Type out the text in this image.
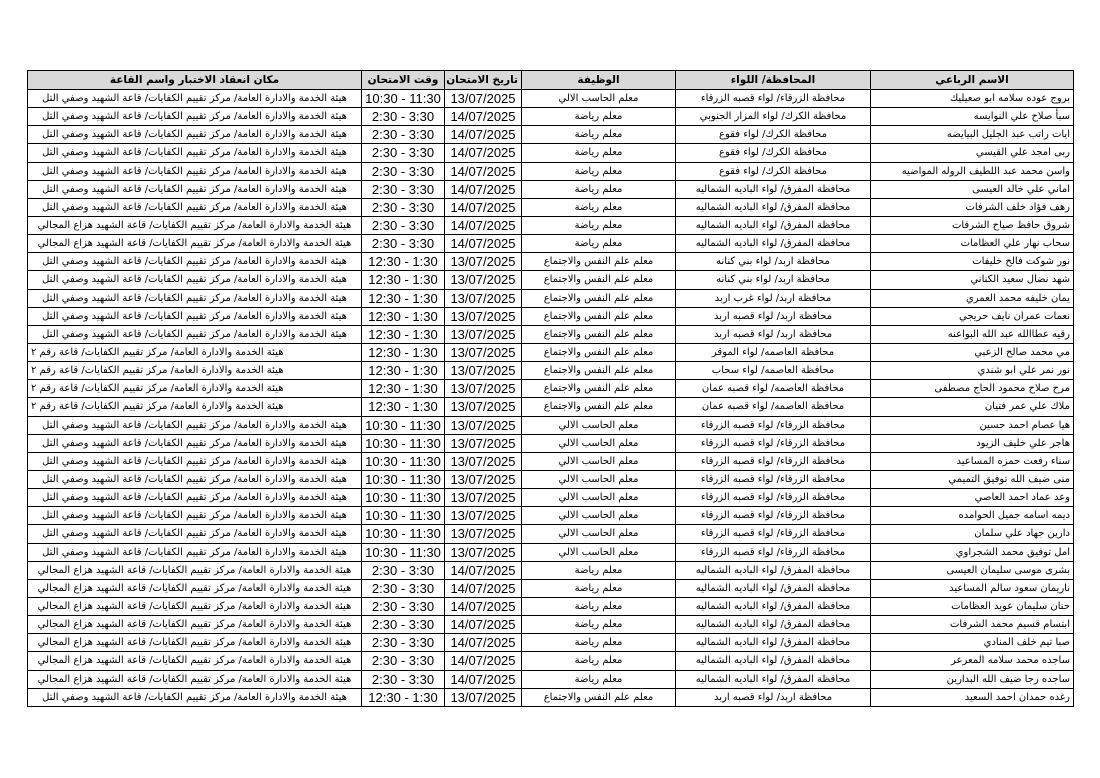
الاسم الرباعي	المحافظة/ اللواء	الوظيفة	تاريخ الامتحان	وقت الامتحان	مكان انعقاد الاختبار واسم القاعة
بروج عوده سلامه ابو صعيليك	محافظة الزرقاء/ لواء قصبه الزرقاء	معلم الحاسب الالي	13/07/2025	10:30 - 11:30	هيئة الخدمة والادارة العامة/ مركز تقييم الكفايات/ قاعة الشهيد وصفي التل
سبأ صلاح علي النوايسه	محافظة الكرك/ لواء المزار الجنوبي	معلم رياضة	14/07/2025	2:30 - 3:30	هيئة الخدمة والادارة العامة/ مركز تقييم الكفايات/ قاعة الشهيد وصفي التل
ايات راتب عبد الجليل البيايضه	محافظة الكرك/ لواء فقوع	معلم رياضة	14/07/2025	2:30 - 3:30	هيئة الخدمة والادارة العامة/ مركز تقييم الكفايات/ قاعة الشهيد وصفي التل
ربى امجد علي القيسي	محافظة الكرك/ لواء فقوع	معلم رياضة	14/07/2025	2:30 - 3:30	هيئة الخدمة والادارة العامة/ مركز تقييم الكفايات/ قاعة الشهيد وصفي التل
واسن محمد عبد اللطيف الروله المواضيه	محافظة الكرك/ لواء فقوع	معلم رياضة	14/07/2025	2:30 - 3:30	هيئة الخدمة والادارة العامة/ مركز تقييم الكفايات/ قاعة الشهيد وصفي التل
اماني علي خالد العيسى	محافظة المفرق/ لواء الباديه الشماليه	معلم رياضة	14/07/2025	2:30 - 3:30	هيئة الخدمة والادارة العامة/ مركز تقييم الكفايات/ قاعة الشهيد وصفي التل
رهف فؤاد خلف الشرفات	محافظة المفرق/ لواء الباديه الشماليه	معلم رياضة	14/07/2025	2:30 - 3:30	هيئة الخدمة والادارة العامة/ مركز تقييم الكفايات/ قاعة الشهيد وصفي التل
شروق حافظ صياح الشرفات	محافظة المفرق/ لواء الباديه الشماليه	معلم رياضة	14/07/2025	2:30 - 3:30	هيئة الخدمة والادارة العامة/ مركز تقييم الكفايات/ قاعة الشهيد هزاع المجالي
سحاب نهار علي العظامات	محافظة المفرق/ لواء الباديه الشماليه	معلم رياضة	14/07/2025	2:30 - 3:30	هيئة الخدمة والادارة العامة/ مركز تقييم الكفايات/ قاعة الشهيد هزاع المجالي
نور شوكت فالح خليفات	محافظة اربد/ لواء بني كنانه	معلم علم النفس والاجتماع	13/07/2025	12:30 - 1:30	هيئة الخدمة والادارة العامة/ مركز تقييم الكفايات/ قاعة الشهيد وصفي التل
شهد نضال سعيد الكناني	محافظة اربد/ لواء بني كنانه	معلم علم النفس والاجتماع	13/07/2025	12:30 - 1:30	هيئة الخدمة والادارة العامة/ مركز تقييم الكفايات/ قاعة الشهيد وصفي التل
يمان خليفه محمد العمري	محافظة اربد/ لواء غرب اربد	معلم علم النفس والاجتماع	13/07/2025	12:30 - 1:30	هيئة الخدمة والادارة العامة/ مركز تقييم الكفايات/ قاعة الشهيد وصفي التل
نعمات عمران نايف حريجي	محافظة اربد/ لواء قصبه اربد	معلم علم النفس والاجتماع	13/07/2025	12:30 - 1:30	هيئة الخدمة والادارة العامة/ مركز تقييم الكفايات/ قاعة الشهيد وصفي التل
رقيه عطاالله عبد الله البواعنه	محافظة اربد/ لواء قصبه اربد	معلم علم النفس والاجتماع	13/07/2025	12:30 - 1:30	هيئة الخدمة والادارة العامة/ مركز تقييم الكفايات/ قاعة الشهيد وصفي التل
مي محمد صالح الزعبي	محافظة العاصمه/ لواء الموقر	معلم علم النفس والاجتماع	13/07/2025	12:30 - 1:30	هيئة الخدمة والادارة العامة/ مركز تقييم الكفايات/ قاعة رقم ٢
نور نمر علي ابو شندي	محافظة العاصمه/ لواء سحاب	معلم علم النفس والاجتماع	13/07/2025	12:30 - 1:30	هيئة الخدمة والادارة العامة/ مركز تقييم الكفايات/ قاعة رقم ٢
مرح صلاح محمود الحاج مصطفى	محافظة العاصمه/ لواء قصبه عمان	معلم علم النفس والاجتماع	13/07/2025	12:30 - 1:30	هيئة الخدمة والادارة العامة/ مركز تقييم الكفايات/ قاعة رقم ٢
ملاك علي عمر فتيان	محافظة العاصمه/ لواء قصبه عمان	معلم علم النفس والاجتماع	13/07/2025	12:30 - 1:30	هيئة الخدمة والادارة العامة/ مركز تقييم الكفايات/ قاعة رقم ٢
هيا عصام احمد حسين	محافظة الزرقاء/ لواء قصبه الزرقاء	معلم الحاسب الالي	13/07/2025	10:30 - 11:30	هيئة الخدمة والادارة العامة/ مركز تقييم الكفايات/ قاعة الشهيد وصفي التل
هاجر علي خليف الزيود	محافظة الزرقاء/ لواء قصبه الزرقاء	معلم الحاسب الالي	13/07/2025	10:30 - 11:30	هيئة الخدمة والادارة العامة/ مركز تقييم الكفايات/ قاعة الشهيد وصفي التل
سناء رفعت حمزه المساعيد	محافظة الزرقاء/ لواء قصبه الزرقاء	معلم الحاسب الالي	13/07/2025	10:30 - 11:30	هيئة الخدمة والادارة العامة/ مركز تقييم الكفايات/ قاعة الشهيد وصفي التل
منى ضيف الله توفيق التميمي	محافظة الزرقاء/ لواء قصبه الزرقاء	معلم الحاسب الالي	13/07/2025	10:30 - 11:30	هيئة الخدمة والادارة العامة/ مركز تقييم الكفايات/ قاعة الشهيد وصفي التل
وعد عماد احمد العاصي	محافظة الزرقاء/ لواء قصبه الزرقاء	معلم الحاسب الالي	13/07/2025	10:30 - 11:30	هيئة الخدمة والادارة العامة/ مركز تقييم الكفايات/ قاعة الشهيد وصفي التل
ديمه اسامه جميل الحوامده	محافظة الزرقاء/ لواء قصبه الزرقاء	معلم الحاسب الالي	13/07/2025	10:30 - 11:30	هيئة الخدمة والادارة العامة/ مركز تقييم الكفايات/ قاعة الشهيد وصفي التل
دارين جهاد علي سلمان	محافظة الزرقاء/ لواء قصبه الزرقاء	معلم الحاسب الالي	13/07/2025	10:30 - 11:30	هيئة الخدمة والادارة العامة/ مركز تقييم الكفايات/ قاعة الشهيد وصفي التل
امل توفيق محمد الشجراوي	محافظة الزرقاء/ لواء قصبه الزرقاء	معلم الحاسب الالي	13/07/2025	10:30 - 11:30	هيئة الخدمة والادارة العامة/ مركز تقييم الكفايات/ قاعة الشهيد وصفي التل
بشرى موسى سليمان العيسى	محافظة المفرق/ لواء الباديه الشماليه	معلم رياضة	14/07/2025	2:30 - 3:30	هيئة الخدمة والادارة العامة/ مركز تقييم الكفايات/ قاعة الشهيد هزاع المجالي
ناريمان سعود سالم المساعيد	محافظة المفرق/ لواء الباديه الشماليه	معلم رياضة	14/07/2025	2:30 - 3:30	هيئة الخدمة والادارة العامة/ مركز تقييم الكفايات/ قاعة الشهيد هزاع المجالي
حنان سليمان عويد العظامات	محافظة المفرق/ لواء الباديه الشماليه	معلم رياضة	14/07/2025	2:30 - 3:30	هيئة الخدمة والادارة العامة/ مركز تقييم الكفايات/ قاعة الشهيد هزاع المجالي
ابتسام قسيم محمد الشرفات	محافظة المفرق/ لواء الباديه الشماليه	معلم رياضة	14/07/2025	2:30 - 3:30	هيئة الخدمة والادارة العامة/ مركز تقييم الكفايات/ قاعة الشهيد هزاع المجالي
صبا تيم خلف المنادي	محافظة المفرق/ لواء الباديه الشماليه	معلم رياضة	14/07/2025	2:30 - 3:30	هيئة الخدمة والادارة العامة/ مركز تقييم الكفايات/ قاعة الشهيد هزاع المجالي
ساجده محمد سلامه المعرعر	محافظة المفرق/ لواء الباديه الشماليه	معلم رياضة	14/07/2025	2:30 - 3:30	هيئة الخدمة والادارة العامة/ مركز تقييم الكفايات/ قاعة الشهيد هزاع المجالي
ساجده رجا ضيف الله البدارين	محافظة المفرق/ لواء الباديه الشماليه	معلم رياضة	14/07/2025	2:30 - 3:30	هيئة الخدمة والادارة العامة/ مركز تقييم الكفايات/ قاعة الشهيد هزاع المجالي
رغده حمدان احمد السعيد	محافظة اربد/ لواء قصبه اربد	معلم علم النفس والاجتماع	13/07/2025	12:30 - 1:30	هيئة الخدمة والادارة العامة/ مركز تقييم الكفايات/ قاعة الشهيد وصفي التل
